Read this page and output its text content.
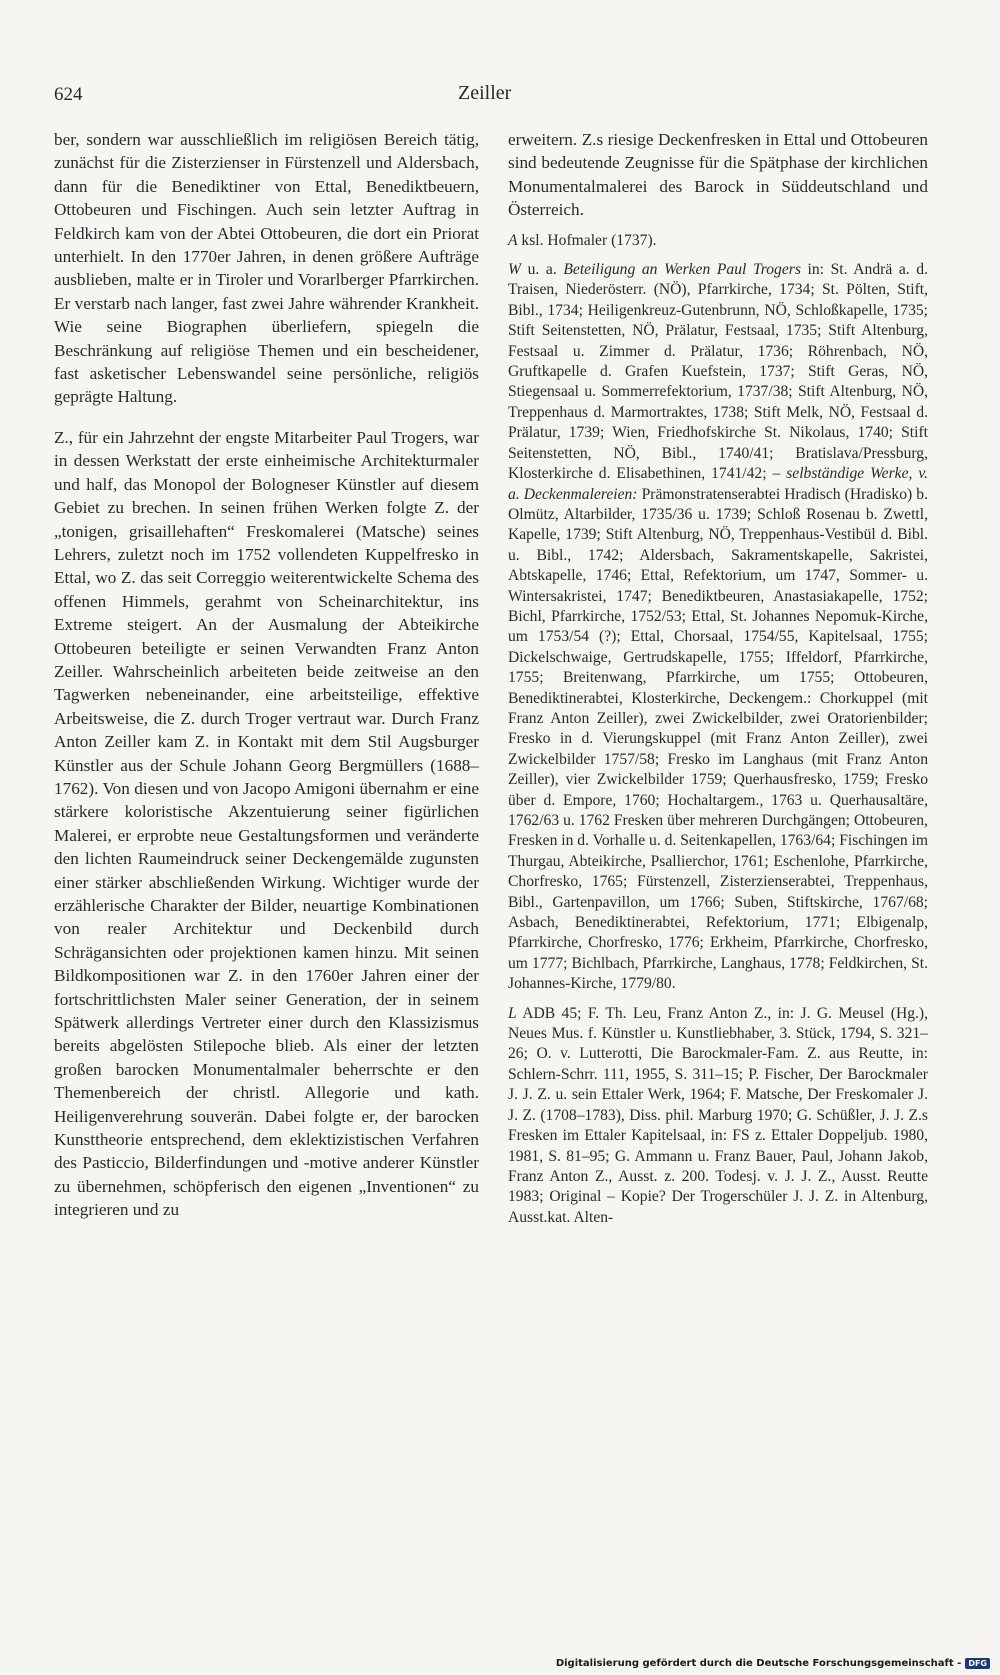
624	Zeiller

ber, sondern war ausschließlich im religiösen Bereich tätig, zunächst für die Zisterzienser in Fürstenzell und Aldersbach, dann für die Benediktiner von Ettal, Benediktbeuern, Ottobeuren und Fischingen. Auch sein letzter Auftrag in Feldkirch kam von der Abtei Ottobeuren, die dort ein Priorat unterhielt. In den 1770er Jahren, in denen größere Aufträge ausblieben, malte er in Tiroler und Vorarlberger Pfarrkirchen. Er verstarb nach langer, fast zwei Jahre währender Krankheit. Wie seine Biographen überliefern, spiegeln die Beschränkung auf religiöse Themen und ein bescheidener, fast asketischer Lebenswandel seine persönliche, religiös geprägte Haltung.

Z., für ein Jahrzehnt der engste Mitarbeiter Paul Trogers, war in dessen Werkstatt der erste einheimische Architekturmaler und half, das Monopol der Bologneser Künstler auf diesem Gebiet zu brechen. In seinen frühen Werken folgte Z. der „tonigen, grisaillehaften“ Freskomalerei (Matsche) seines Lehrers, zuletzt noch im 1752 vollendeten Kuppelfresko in Ettal, wo Z. das seit Correggio weiterentwickelte Schema des offenen Himmels, gerahmt von Scheinarchitektur, ins Extreme steigert. An der Ausmalung der Abteikirche Ottobeuren beteiligte er seinen Verwandten Franz Anton Zeiller. Wahrscheinlich arbeiteten beide zeitweise an den Tagwerken nebeneinander, eine arbeitsteilige, effektive Arbeitsweise, die Z. durch Troger vertraut war. Durch Franz Anton Zeiller kam Z. in Kontakt mit dem Stil Augsburger Künstler aus der Schule Johann Georg Bergmüllers (1688–1762). Von diesen und von Jacopo Amigoni übernahm er eine stärkere koloristische Akzentuierung seiner figürlichen Malerei, er erprobte neue Gestaltungsformen und veränderte den lichten Raumeindruck seiner Deckengemälde zugunsten einer stärker abschließenden Wirkung. Wichtiger wurde der erzählerische Charakter der Bilder, neuartige Kombinationen von realer Architektur und Deckenbild durch Schrägansichten oder projektionen kamen hinzu. Mit seinen Bildkompositionen war Z. in den 1760er Jahren einer der fortschrittlichsten Maler seiner Generation, der in seinem Spätwerk allerdings Vertreter einer durch den Klassizismus bereits abgelösten Stilepoche blieb. Als einer der letzten großen barocken Monumentalmaler beherrschte er den Themenbereich der christl. Allegorie und kath. Heiligenverehrung souverän. Dabei folgte er, der barocken Kunsttheorie entsprechend, dem eklektizistischen Verfahren des Pasticcio, Bilderfindungen und -motive anderer Künstler zu übernehmen, schöpferisch den eigenen „Inventionen“ zu integrieren und zu

erweitern. Z.s riesige Deckenfresken in Ettal und Ottobeuren sind bedeutende Zeugnisse für die Spätphase der kirchlichen Monumentalmalerei des Barock in Süddeutschland und Österreich.

A ksl. Hofmaler (1737).

W u. a. Beteiligung an Werken Paul Trogers in: St. Andrä a. d. Traisen, Niederösterr. (NÖ), Pfarrkirche, 1734; St. Pölten, Stift, Bibl., 1734; Heiligenkreuz-Gutenbrunn, NÖ, Schloßkapelle, 1735; Stift Seitenstetten, NÖ, Prälatur, Festsaal, 1735; Stift Altenburg, Festsaal u. Zimmer d. Prälatur, 1736; Röhrenbach, NÖ, Gruftkapelle d. Grafen Kuefstein, 1737; Stift Geras, NÖ, Stiegensaal u. Sommerrefektorium, 1737/38; Stift Altenburg, NÖ, Treppenhaus d. Marmortraktes, 1738; Stift Melk, NÖ, Festsaal d. Prälatur, 1739; Wien, Friedhofskirche St. Nikolaus, 1740; Stift Seitenstetten, NÖ, Bibl., 1740/41; Bratislava/Pressburg, Klosterkirche d. Elisabethinen, 1741/42; – selbständige Werke, v. a. Deckenmalereien: Prämonstratenserabtei Hradisch (Hradisko) b. Olmütz, Altarbilder, 1735/36 u. 1739; Schloß Rosenau b. Zwettl, Kapelle, 1739; Stift Altenburg, NÖ, Treppenhaus-Vestibül d. Bibl. u. Bibl., 1742; Aldersbach, Sakramentskapelle, Sakristei, Abtskapelle, 1746; Ettal, Refektorium, um 1747, Sommer- u. Wintersakristei, 1747; Benediktbeuren, Anastasiakapelle, 1752; Bichl, Pfarrkirche, 1752/53; Ettal, St. Johannes Nepomuk-Kirche, um 1753/54 (?); Ettal, Chorsaal, 1754/55, Kapitelsaal, 1755; Dickelschwaige, Gertrudskapelle, 1755; Iffeldorf, Pfarrkirche, 1755; Breitenwang, Pfarrkirche, um 1755; Ottobeuren, Benediktinerabtei, Klosterkirche, Deckengem.: Chorkuppel (mit Franz Anton Zeiller), zwei Zwickelbilder, zwei Oratorienbilder; Fresko in d. Vierungskuppel (mit Franz Anton Zeiller), zwei Zwickelbilder 1757/58; Fresko im Langhaus (mit Franz Anton Zeiller), vier Zwickelbilder 1759; Querhausfresko, 1759; Fresko über d. Empore, 1760; Hochaltargem., 1763 u. Querhausaltäre, 1762/63 u. 1762 Fresken über mehreren Durchgängen; Ottobeuren, Fresken in d. Vorhalle u. d. Seitenkapellen, 1763/64; Fischingen im Thurgau, Abteikirche, Psallierchor, 1761; Eschenlohe, Pfarrkirche, Chorfresko, 1765; Fürstenzell, Zisterzienserabtei, Treppenhaus, Bibl., Gartenpavillon, um 1766; Suben, Stiftskirche, 1767/68; Asbach, Benediktinerabtei, Refektorium, 1771; Elbigenalp, Pfarrkirche, Chorfresko, 1776; Erkheim, Pfarrkirche, Chorfresko, um 1777; Bichlbach, Pfarrkirche, Langhaus, 1778; Feldkirchen, St. Johannes-Kirche, 1779/80.

L ADB 45; F. Th. Leu, Franz Anton Z., in: J. G. Meusel (Hg.), Neues Mus. f. Künstler u. Kunstliebhaber, 3. Stück, 1794, S. 321–26; O. v. Lutterotti, Die Barockmaler-Fam. Z. aus Reutte, in: Schlern-Schrr. 111, 1955, S. 311–15; P. Fischer, Der Barockmaler J. J. Z. u. sein Ettaler Werk, 1964; F. Matsche, Der Freskomaler J. J. Z. (1708–1783), Diss. phil. Marburg 1970; G. Schüßler, J. J. Z.s Fresken im Ettaler Kapitelsaal, in: FS z. Ettaler Doppeljub. 1980, 1981, S. 81–95; G. Ammann u. Franz Bauer, Paul, Johann Jakob, Franz Anton Z., Ausst. z. 200. Todesj. v. J. J. Z., Ausst. Reutte 1983; Original – Kopie? Der Trogerschüler J. J. Z. in Altenburg, Ausst.kat. Alten-

Digitalisierung gefördert durch die Deutsche Forschungsgemeinschaft - DFG
